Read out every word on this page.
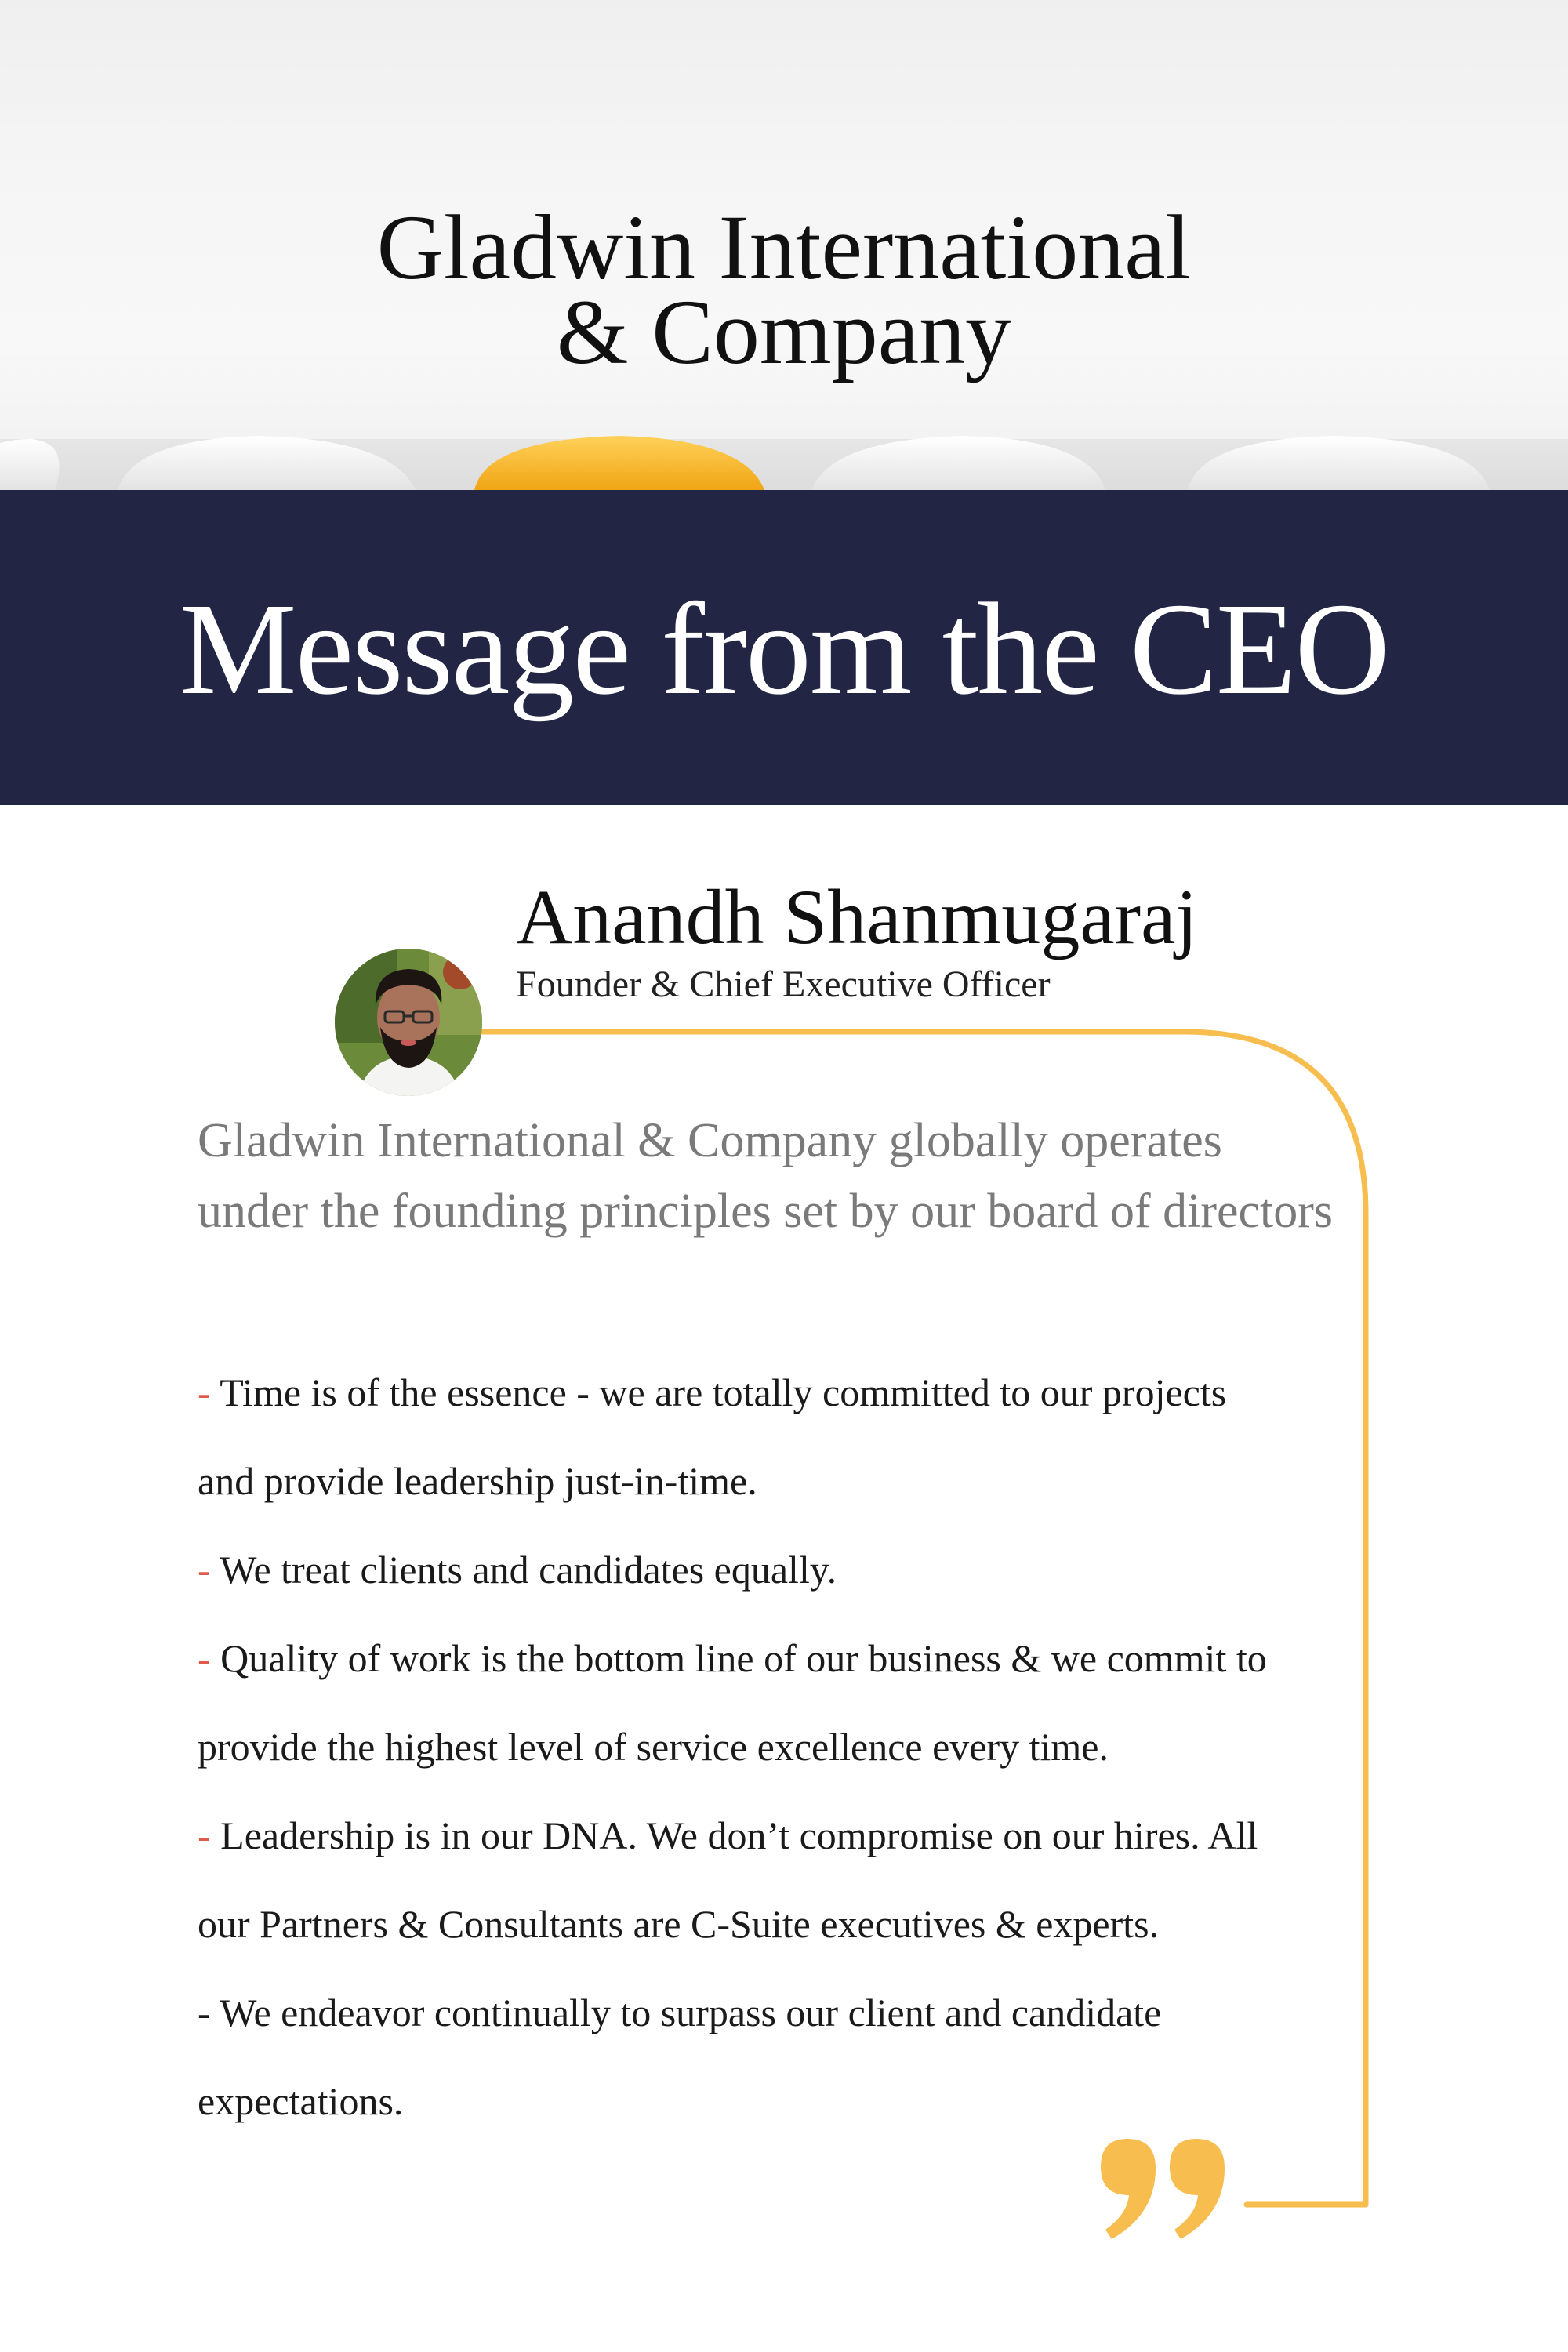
Gladwin International
& Company
Message from the CEO
Anandh Shanmugaraj
Founder & Chief Executive Officer
Gladwin International & Company globally operates under the founding principles set by our board of directors
- Time is of the essence - we are totally committed to our projects
and provide leadership just-in-time.
- We treat clients and candidates equally.
- Quality of work is the bottom line of our business & we commit to
provide the highest level of service excellence every time.
- Leadership is in our DNA. We don’t compromise on our hires. All
our Partners & Consultants are C-Suite executives & experts.
- We endeavor continually to surpass our client and candidate
expectations.
